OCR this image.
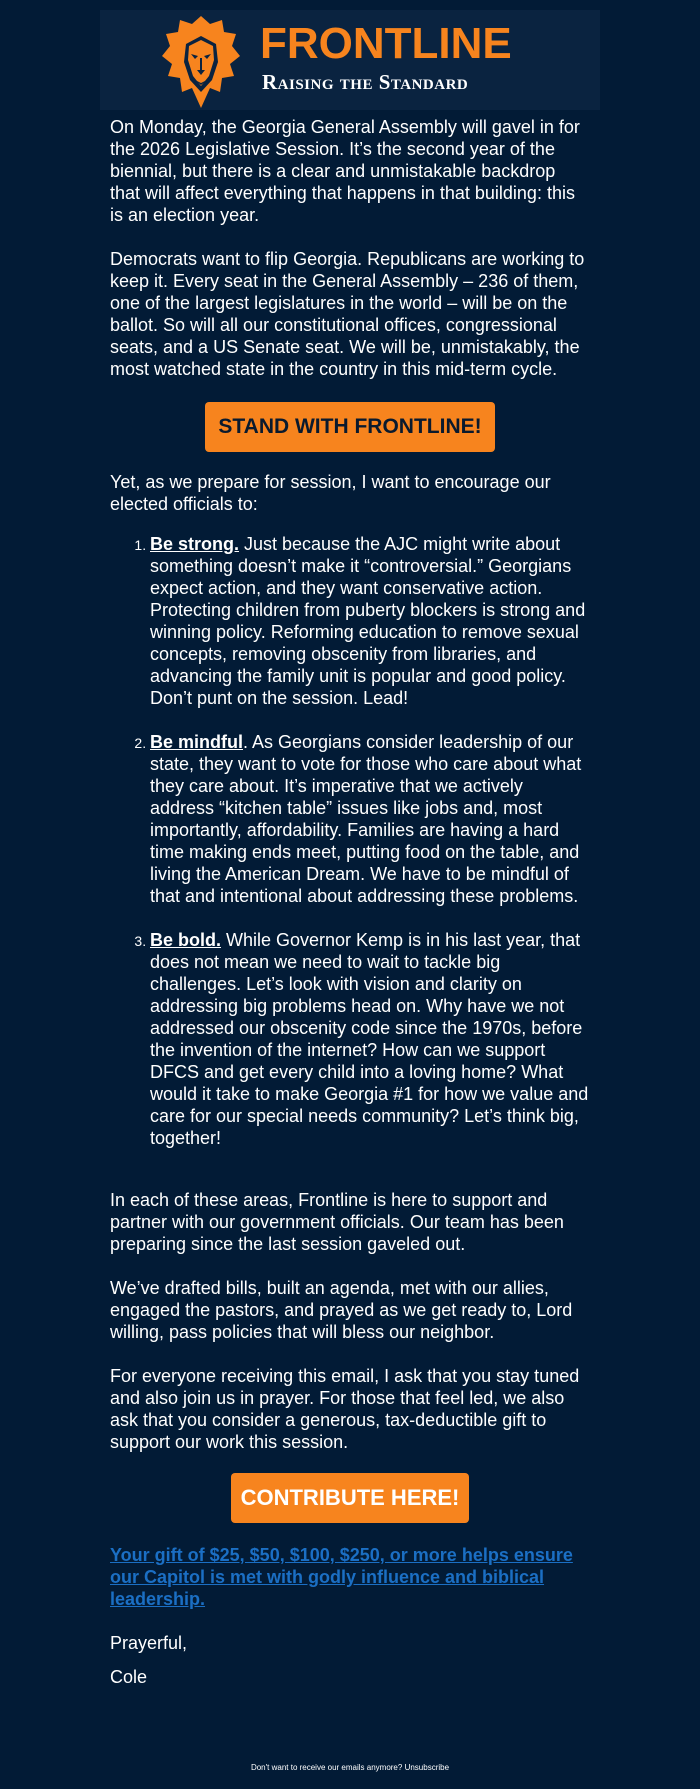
FRONTLINE
Raising the Standard

On Monday, the Georgia General Assembly will gavel in for the 2026 Legislative Session. It’s the second year of the biennial, but there is a clear and unmistakable backdrop that will affect everything that happens in that building: this is an election year.

Democrats want to flip Georgia. Republicans are working to keep it. Every seat in the General Assembly – 236 of them, one of the largest legislatures in the world – will be on the ballot. So will all our constitutional offices, congressional seats, and a US Senate seat. We will be, unmistakably, the most watched state in the country in this mid-term cycle.

STAND WITH FRONTLINE!

Yet, as we prepare for session, I want to encourage our elected officials to:

1. Be strong. Just because the AJC might write about something doesn’t make it “controversial.” Georgians expect action, and they want conservative action. Protecting children from puberty blockers is strong and winning policy. Reforming education to remove sexual concepts, removing obscenity from libraries, and advancing the family unit is popular and good policy. Don’t punt on the session. Lead!
2. Be mindful. As Georgians consider leadership of our state, they want to vote for those who care about what they care about. It’s imperative that we actively address “kitchen table” issues like jobs and, most importantly, affordability. Families are having a hard time making ends meet, putting food on the table, and living the American Dream. We have to be mindful of that and intentional about addressing these problems.
3. Be bold. While Governor Kemp is in his last year, that does not mean we need to wait to tackle big challenges. Let’s look with vision and clarity on addressing big problems head on. Why have we not addressed our obscenity code since the 1970s, before the invention of the internet? How can we support DFCS and get every child into a loving home? What would it take to make Georgia #1 for how we value and care for our special needs community? Let’s think big, together!

In each of these areas, Frontline is here to support and partner with our government officials. Our team has been preparing since the last session gaveled out.

We’ve drafted bills, built an agenda, met with our allies, engaged the pastors, and prayed as we get ready to, Lord willing, pass policies that will bless our neighbor.

For everyone receiving this email, I ask that you stay tuned and also join us in prayer. For those that feel led, we also ask that you consider a generous, tax-deductible gift to support our work this session.

CONTRIBUTE HERE!
Your gift of $25, $50, $100, $250, or more helps ensure our Capitol is met with godly influence and biblical leadership.

Prayerful,

Cole

Don't want to receive our emails anymore? Unsubscribe
